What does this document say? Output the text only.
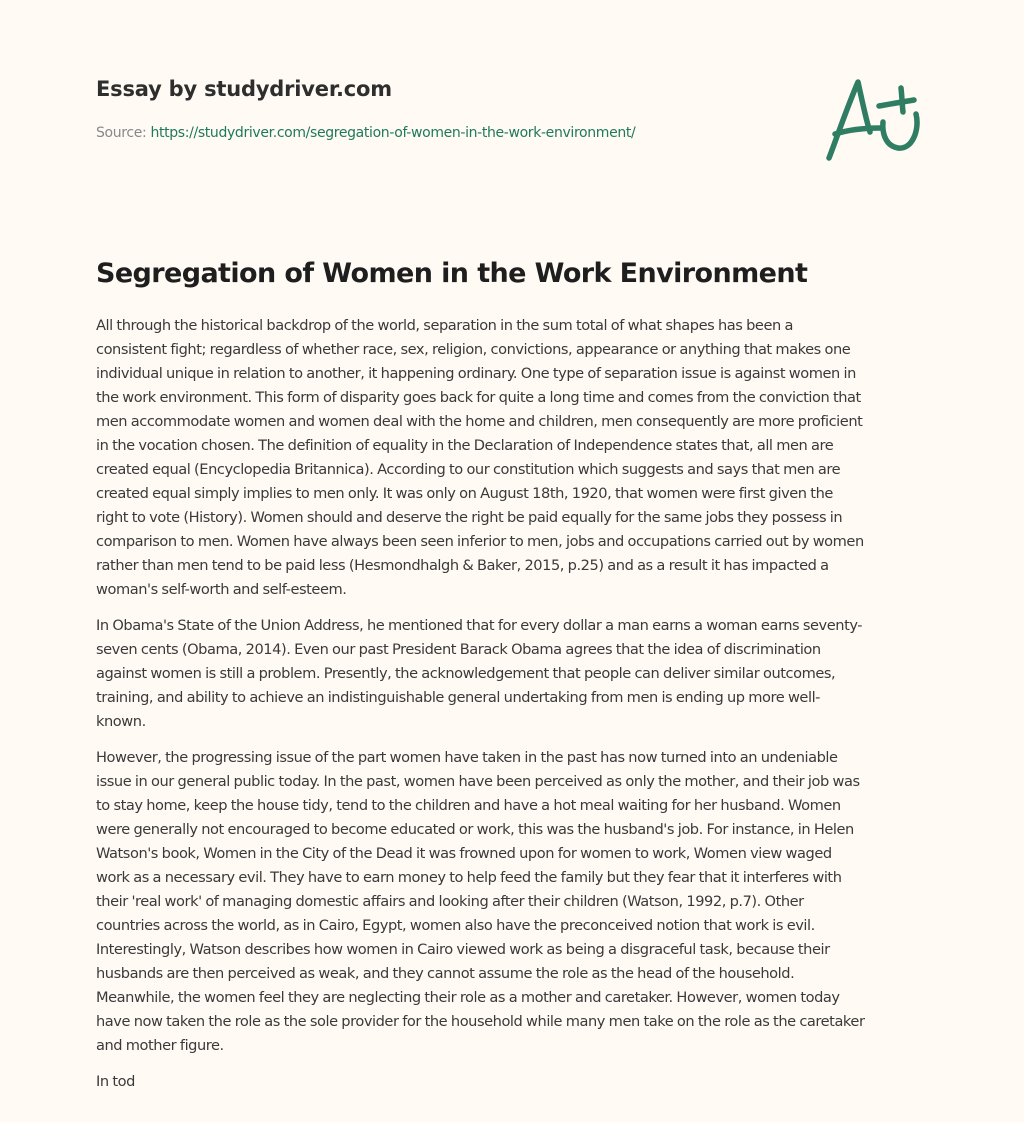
Essay by studydriver.com
Source: https://studydriver.com/segregation-of-women-in-the-work-environment/
Segregation of Women in the Work Environment

All through the historical backdrop of the world, separation in the sum total of what shapes has been a
consistent fight; regardless of whether race, sex, religion, convictions, appearance or anything that makes one
individual unique in relation to another, it happening ordinary. One type of separation issue is against women in
the work environment. This form of disparity goes back for quite a long time and comes from the conviction that
men accommodate women and women deal with the home and children, men consequently are more proficient
in the vocation chosen. The definition of equality in the Declaration of Independence states that, all men are
created equal (Encyclopedia Britannica). According to our constitution which suggests and says that men are
created equal simply implies to men only. It was only on August 18th, 1920, that women were first given the
right to vote (History). Women should and deserve the right be paid equally for the same jobs they possess in
comparison to men. Women have always been seen inferior to men, jobs and occupations carried out by women
rather than men tend to be paid less (Hesmondhalgh & Baker, 2015, p.25) and as a result it has impacted a
woman's self-worth and self-esteem.

In Obama's State of the Union Address, he mentioned that for every dollar a man earns a woman earns seventy-
seven cents (Obama, 2014). Even our past President Barack Obama agrees that the idea of discrimination
against women is still a problem. Presently, the acknowledgement that people can deliver similar outcomes,
training, and ability to achieve an indistinguishable general undertaking from men is ending up more well-
known.

However, the progressing issue of the part women have taken in the past has now turned into an undeniable
issue in our general public today. In the past, women have been perceived as only the mother, and their job was
to stay home, keep the house tidy, tend to the children and have a hot meal waiting for her husband. Women
were generally not encouraged to become educated or work, this was the husband's job. For instance, in Helen
Watson's book, Women in the City of the Dead it was frowned upon for women to work, Women view waged
work as a necessary evil. They have to earn money to help feed the family but they fear that it interferes with
their 'real work' of managing domestic affairs and looking after their children (Watson, 1992, p.7). Other
countries across the world, as in Cairo, Egypt, women also have the preconceived notion that work is evil.
Interestingly, Watson describes how women in Cairo viewed work as being a disgraceful task, because their
husbands are then perceived as weak, and they cannot assume the role as the head of the household.
Meanwhile, the women feel they are neglecting their role as a mother and caretaker. However, women today
have now taken the role as the sole provider for the household while many men take on the role as the caretaker
and mother figure.

In tod
